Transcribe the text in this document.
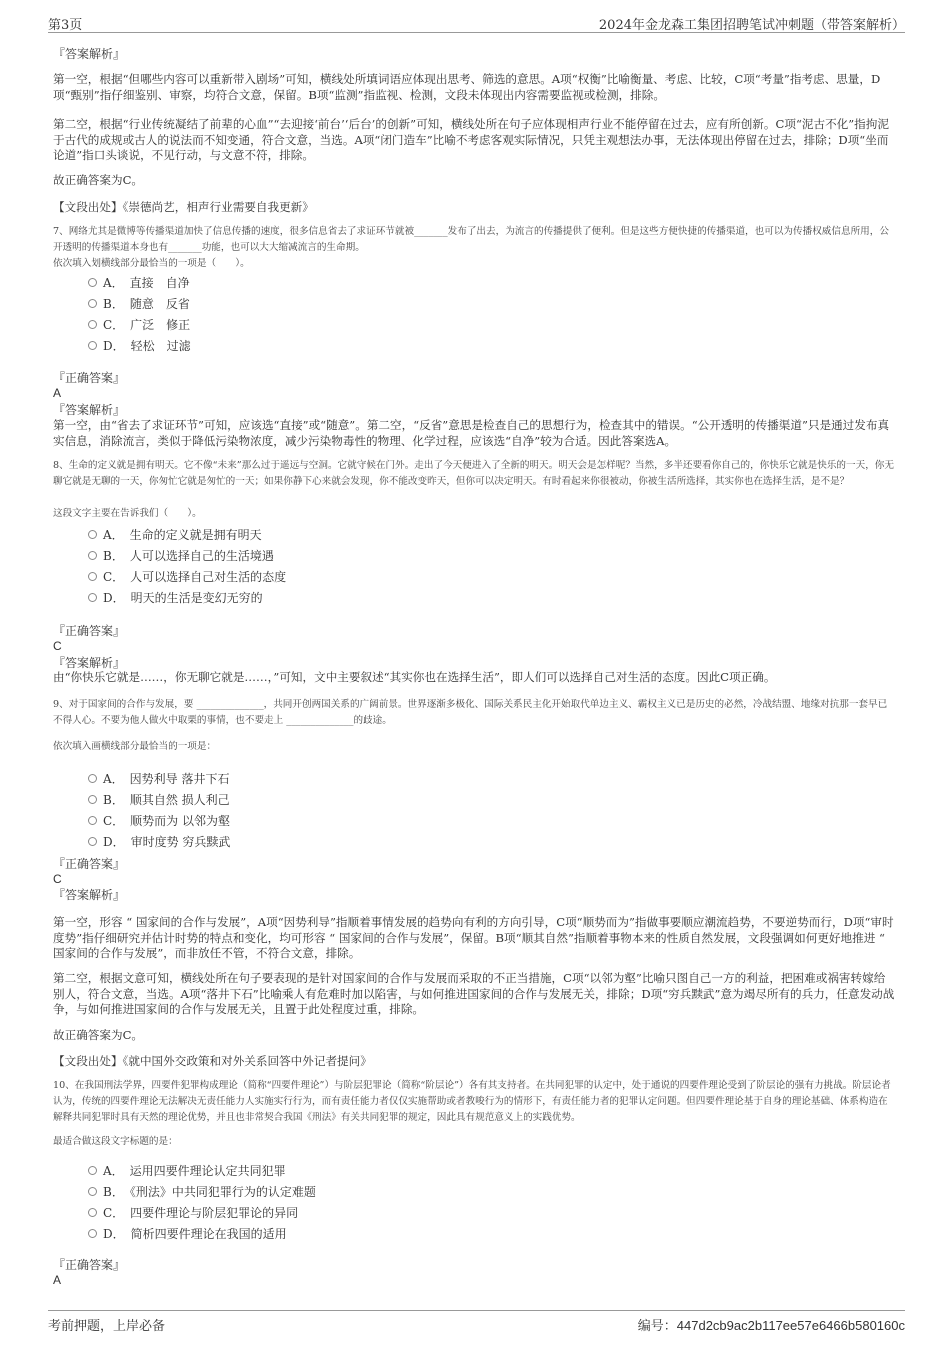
第3页	2024年金龙森工集团招聘笔试冲刺题（带答案解析）

『答案解析』

第一空，根据“但哪些内容可以重新带入剧场”可知，横线处所填词语应体现出思考、筛选的意思。A项“权衡”比喻衡量、考虑、比较，C项“考量”指考虑、思量，D项“甄别”指仔细鉴别、审察，均符合文意，保留。B项“监测”指监视、检测，文段未体现出内容需要监视或检测，排除。

第二空，根据“行业传统凝结了前辈的心血”“去迎接‘前台’‘后台’的创新”可知，横线处所在句子应体现相声行业不能停留在过去，应有所创新。C项“泥古不化”指拘泥于古代的成规或古人的说法而不知变通，符合文意，当选。A项“闭门造车”比喻不考虑客观实际情况，只凭主观想法办事，无法体现出停留在过去，排除；D项“坐而论道”指口头谈说，不见行动，与文意不符，排除。

故正确答案为C。

【文段出处】《崇德尚艺，相声行业需要自我更新》

7、网络尤其是微博等传播渠道加快了信息传播的速度，很多信息省去了求证环节就被_______发布了出去，为流言的传播提供了便利。但是这些方便快捷的传播渠道，也可以为传播权威信息所用，公开透明的传播渠道本身也有_______功能，也可以大大缩减流言的生命期。

依次填入划横线部分最恰当的一项是（　　）。

A．　直接　自净
B．　随意　反省
C．　广泛　修正
D．　轻松　过滤

『正确答案』

A

『答案解析』

第一空，由“省去了求证环节”可知，应该选“直接”或“随意”。第二空，“反省”意思是检查自己的思想行为，检查其中的错误。“公开透明的传播渠道”只是通过发布真实信息，消除流言，类似于降低污染物浓度，减少污染物毒性的物理、化学过程，应该选“自净”较为合适。因此答案选A。

8、生命的定义就是拥有明天。它不像“未来”那么过于遥远与空洞。它就守候在门外。走出了今天便进入了全新的明天。明天会是怎样呢？当然，多半还要看你自己的，你快乐它就是快乐的一天，你无聊它就是无聊的一天，你匆忙它就是匆忙的一天；如果你静下心来就会发现，你不能改变昨天，但你可以决定明天。有时看起来你很被动，你被生活所选择，其实你也在选择生活，是不是？

这段文字主要在告诉我们（　　）。

A．　生命的定义就是拥有明天
B．　人可以选择自己的生活境遇
C．　人可以选择自己对生活的态度
D．　明天的生活是变幻无穷的

『正确答案』

C

『答案解析』

由“你快乐它就是……，你无聊它就是……，”可知，文中主要叙述“其实你也在选择生活”，即人们可以选择自己对生活的态度。因此C项正确。

9、对于国家间的合作与发展，要 ______________，共同开创两国关系的广阔前景。世界逐渐多极化、国际关系民主化开始取代单边主义、霸权主义已是历史的必然，冷战结盟、地缘对抗那一套早已不得人心。不要为他人做火中取栗的事情，也不要走上 ______________的歧途。

依次填入画横线部分最恰当的一项是：

A．　因势利导 落井下石
B．　顺其自然 损人利己
C．　顺势而为 以邻为壑
D．　审时度势 穷兵黩武

『正确答案』

C

『答案解析』

第一空，形容 “ 国家间的合作与发展”，A项“因势利导”指顺着事情发展的趋势向有利的方向引导，C项“顺势而为”指做事要顺应潮流趋势，不要逆势而行，D项“审时度势”指仔细研究并估计时势的特点和变化，均可形容 “ 国家间的合作与发展”，保留。B项“顺其自然”指顺着事物本来的性质自然发展，文段强调如何更好地推进 “ 国家间的合作与发展”，而非放任不管，不符合文意，排除。

第二空，根据文意可知，横线处所在句子要表现的是针对国家间的合作与发展而采取的不正当措施，C项“以邻为壑”比喻只图自己一方的利益，把困难或祸害转嫁给别人，符合文意，当选。A项“落井下石”比喻乘人有危难时加以陷害，与如何推进国家间的合作与发展无关，排除；D项“穷兵黩武”意为竭尽所有的兵力，任意发动战争，与如何推进国家间的合作与发展无关，且置于此处程度过重，排除。

故正确答案为C。

【文段出处】《就中国外交政策和对外关系回答中外记者提问》

10、在我国刑法学界，四要件犯罪构成理论（简称“四要件理论”）与阶层犯罪论（简称“阶层论”）各有其支持者。在共同犯罪的认定中，处于通说的四要件理论受到了阶层论的强有力挑战。阶层论者认为，传统的四要件理论无法解决无责任能力人实施实行行为，而有责任能力者仅仅实施帮助或者教唆行为的情形下，有责任能力者的犯罪认定问题。但四要件理论基于自身的理论基础、体系构造在解释共同犯罪时具有天然的理论优势，并且也非常契合我国《刑法》有关共同犯罪的规定，因此具有规范意义上的实践优势。

最适合做这段文字标题的是：

A．　运用四要件理论认定共同犯罪
B．　《刑法》中共同犯罪行为的认定难题
C．　四要件理论与阶层犯罪论的异同
D．　简析四要件理论在我国的适用

『正确答案』

A

考前押题，上岸必备	编号：447d2cb9ac2b117ee57e6466b580160c
